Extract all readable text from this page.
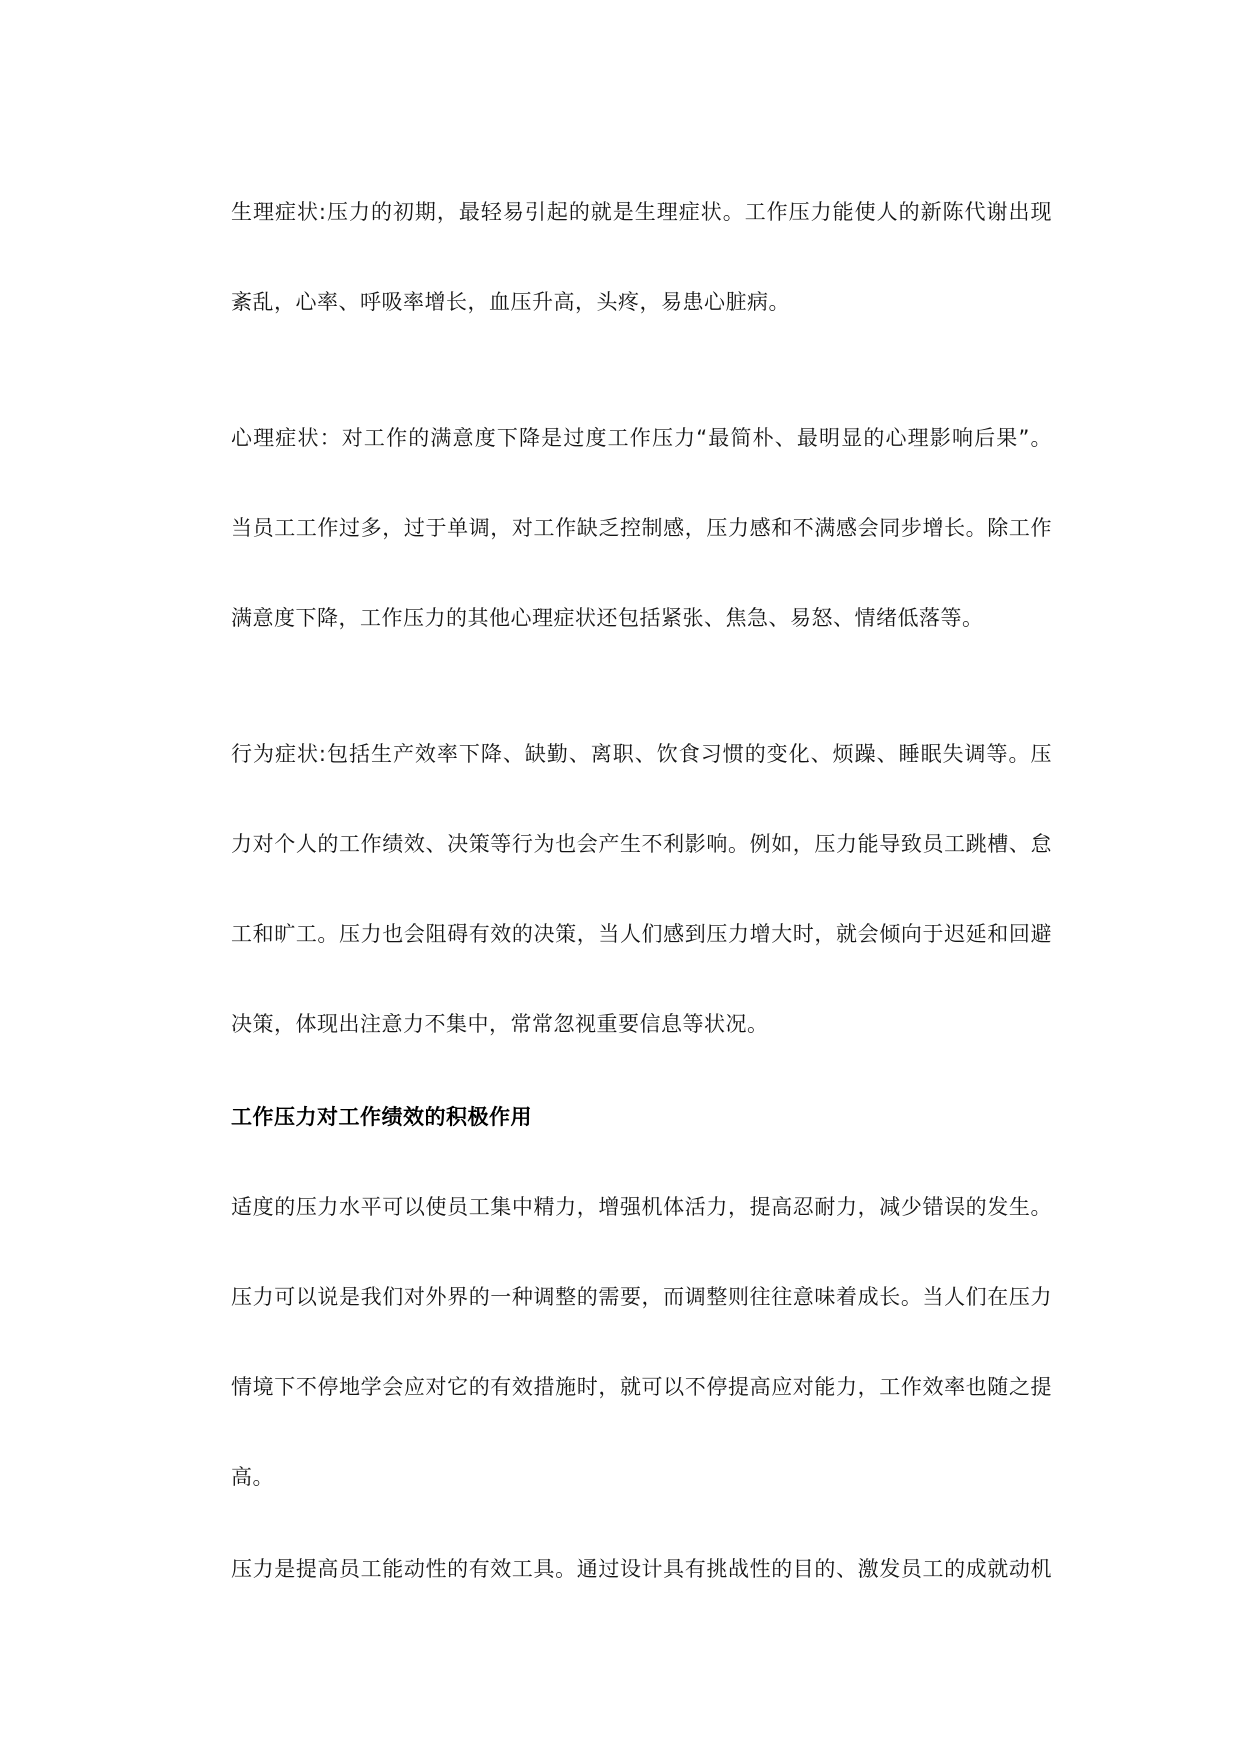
生理症状:压力的初期，最轻易引起的就是生理症状。工作压力能使人的新陈代谢出现
紊乱，心率、呼吸率增长，血压升高，头疼，易患心脏病。
心理症状：对工作的满意度下降是过度工作压力“最简朴、最明显的心理影响后果”。
当员工工作过多，过于单调，对工作缺乏控制感，压力感和不满感会同步增长。除工作
满意度下降，工作压力的其他心理症状还包括紧张、焦急、易怒、情绪低落等。
行为症状:包括生产效率下降、缺勤、离职、饮食习惯的变化、烦躁、睡眠失调等。压
力对个人的工作绩效、决策等行为也会产生不利影响。例如，压力能导致员工跳槽、怠
工和旷工。压力也会阻碍有效的决策，当人们感到压力增大时，就会倾向于迟延和回避
决策，体现出注意力不集中，常常忽视重要信息等状况。
工作压力对工作绩效的积极作用
适度的压力水平可以使员工集中精力，增强机体活力，提高忍耐力，减少错误的发生。
压力可以说是我们对外界的一种调整的需要，而调整则往往意味着成长。当人们在压力
情境下不停地学会应对它的有效措施时，就可以不停提高应对能力，工作效率也随之提
高。
压力是提高员工能动性的有效工具。通过设计具有挑战性的目的、激发员工的成就动机
